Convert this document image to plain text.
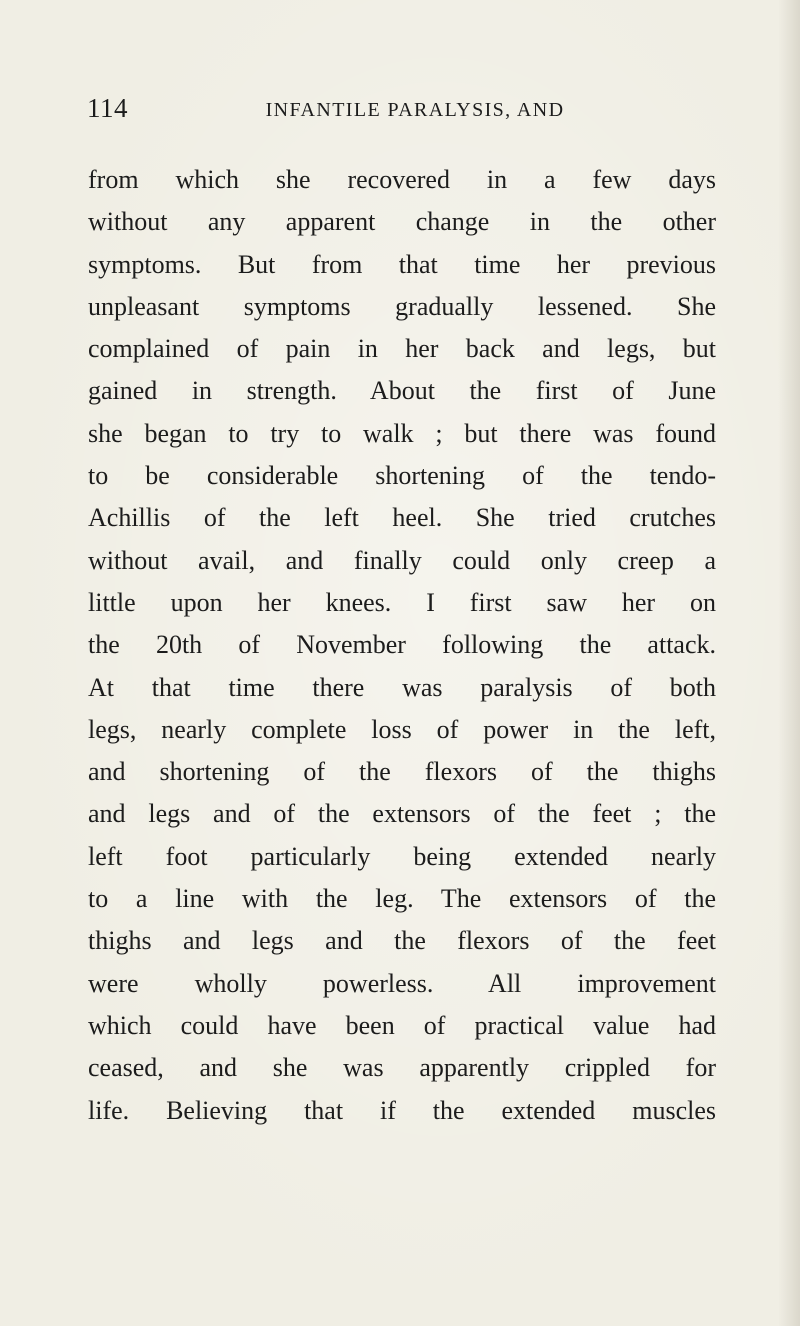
114	INFANTILE PARALYSIS, AND
from which she recovered in a few days
without any apparent change in the other
symptoms. But from that time her previous
unpleasant symptoms gradually lessened. She
complained of pain in her back and legs, but
gained in strength. About the first of June
she began to try to walk ; but there was found
to be considerable shortening of the tendo-
Achillis of the left heel. She tried crutches
without avail, and finally could only creep a
little upon her knees. I first saw her on
the 20th of November following the attack.
At that time there was paralysis of both
legs, nearly complete loss of power in the left,
and shortening of the flexors of the thighs
and legs and of the extensors of the feet ; the
left foot particularly being extended nearly
to a line with the leg. The extensors of the
thighs and legs and the flexors of the feet
were wholly powerless. All improvement
which could have been of practical value had
ceased, and she was apparently crippled for
life. Believing that if the extended muscles
